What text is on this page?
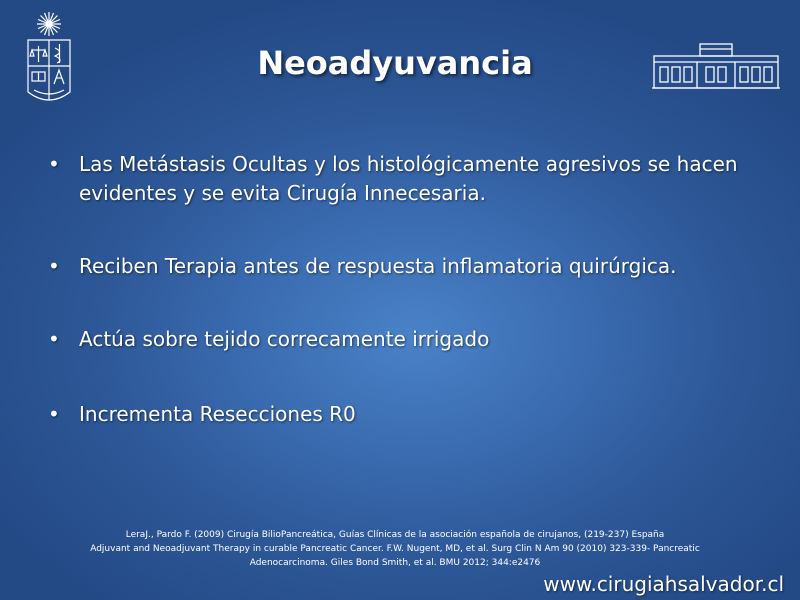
Neoadyuvancia
• Las Metástasis Ocultas y los histológicamente agresivos se hacen evidentes y se evita Cirugía Innecesaria.
• Reciben Terapia antes de respuesta inflamatoria quirúrgica.
• Actúa sobre tejido correcamente irrigado
• Incrementa Resecciones R0
LeraJ., Pardo F. (2009) Cirugía BilioPancreática, Guías Clínicas de la asociación española de cirujanos, (219-237) España
Adjuvant and Neoadjuvant Therapy in curable Pancreatic Cancer. F.W. Nugent, MD, et al. Surg Clin N Am 90 (2010) 323-339- Pancreatic
Adenocarcinoma. Giles Bond Smith, et al. BMU 2012; 344:e2476
www.cirugiahsalvador.cl
